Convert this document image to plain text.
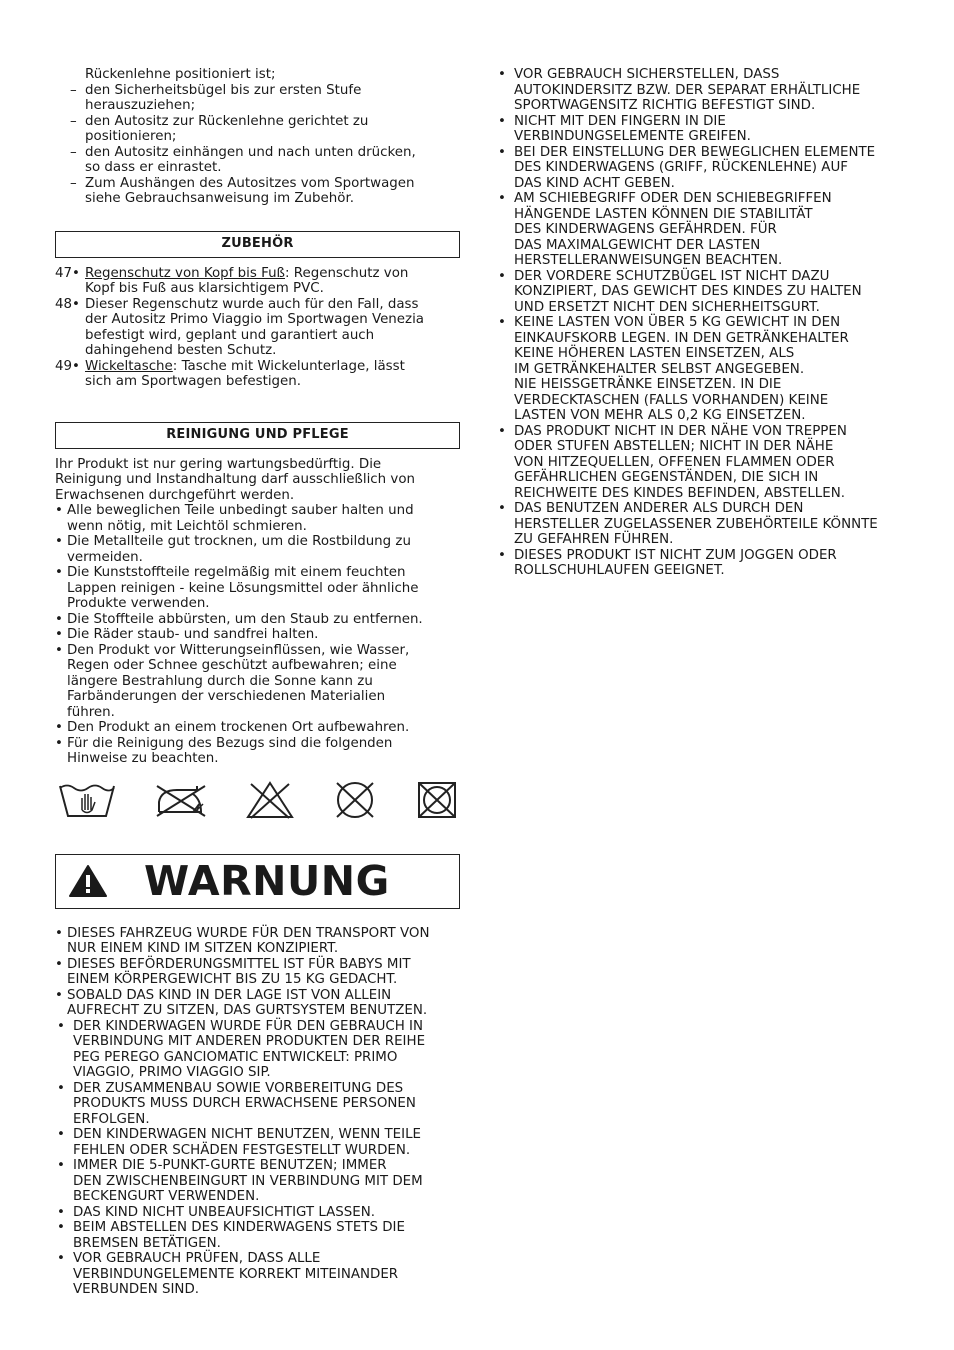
Rückenlehne positioniert ist;
– den Sicherheitsbügel bis zur ersten Stufe
herauszuziehen;
– den Autositz zur Rückenlehne gerichtet zu
positionieren;
– den Autositz einhängen und nach unten drücken,
so dass er einrastet.
– Zum Aushängen des Autositzes vom Sportwagen
siehe Gebrauchsanweisung im Zubehör.
ZUBEHÖR
47• Regenschutz von Kopf bis Fuß: Regenschutz von
Kopf bis Fuß aus klarsichtigem PVC.
48• Dieser Regenschutz wurde auch für den Fall, dass
der Autositz Primo Viaggio im Sportwagen Venezia
befestigt wird, geplant und garantiert auch
dahingehend besten Schutz.
49• Wickeltasche: Tasche mit Wickelunterlage, lässt
sich am Sportwagen befestigen.
REINIGUNG UND PFLEGE
Ihr Produkt ist nur gering wartungsbedürftig. Die
Reinigung und Instandhaltung darf ausschließlich von
Erwachsenen durchgeführt werden.
• Alle beweglichen Teile unbedingt sauber halten und
wenn nötig, mit Leichtöl schmieren.
• Die Metallteile gut trocknen, um die Rostbildung zu
vermeiden.
• Die Kunststoffteile regelmäßig mit einem feuchten
Lappen reinigen - keine Lösungsmittel oder ähnliche
Produkte verwenden.
• Die Stoffteile abbürsten, um den Staub zu entfernen.
• Die Räder staub- und sandfrei halten.
• Den Produkt vor Witterungseinflüssen, wie Wasser,
Regen oder Schnee geschützt aufbewahren; eine
längere Bestrahlung durch die Sonne kann zu
Farbänderungen der verschiedenen Materialien
führen.
• Den Produkt an einem trockenen Ort aufbewahren.
• Für die Reinigung des Bezugs sind die folgenden
Hinweise zu beachten.
WARNUNG
• DIESES FAHRZEUG WURDE FÜR DEN TRANSPORT VON
NUR EINEM KIND IM SITZEN KONZIPIERT.
• DIESES BEFÖRDERUNGSMITTEL IST FÜR BABYS MIT
EINEM KÖRPERGEWICHT BIS ZU 15 KG GEDACHT.
• SOBALD DAS KIND IN DER LAGE IST VON ALLEIN
AUFRECHT ZU SITZEN, DAS GURTSYSTEM BENUTZEN.
• DER KINDERWAGEN WURDE FÜR DEN GEBRAUCH IN
VERBINDUNG MIT ANDEREN PRODUKTEN DER REIHE
PEG PEREGO GANCIOMATIC ENTWICKELT: PRIMO
VIAGGIO, PRIMO VIAGGIO SIP.
• DER ZUSAMMENBAU SOWIE VORBEREITUNG DES
PRODUKTS MUSS DURCH ERWACHSENE PERSONEN
ERFOLGEN.
• DEN KINDERWAGEN NICHT BENUTZEN, WENN TEILE
FEHLEN ODER SCHÄDEN FESTGESTELLT WURDEN.
• IMMER DIE 5-PUNKT-GURTE BENUTZEN; IMMER
DEN ZWISCHENBEINGURT IN VERBINDUNG MIT DEM
BECKENGURT VERWENDEN.
• DAS KIND NICHT UNBEAUFSICHTIGT LASSEN.
• BEIM ABSTELLEN DES KINDERWAGENS STETS DIE
BREMSEN BETÄTIGEN.
• VOR GEBRAUCH PRÜFEN, DASS ALLE
VERBINDUNGELEMENTE KORREKT MITEINANDER
VERBUNDEN SIND.
• VOR GEBRAUCH SICHERSTELLEN, DASS
AUTOKINDERSITZ BZW. DER SEPARAT ERHÄLTLICHE
SPORTWAGENSITZ RICHTIG BEFESTIGT SIND.
• NICHT MIT DEN FINGERN IN DIE
VERBINDUNGSELEMENTE GREIFEN.
• BEI DER EINSTELLUNG DER BEWEGLICHEN ELEMENTE
DES KINDERWAGENS (GRIFF, RÜCKENLEHNE) AUF
DAS KIND ACHT GEBEN.
• AM SCHIEBEGRIFF ODER DEN SCHIEBEGRIFFEN
HÄNGENDE LASTEN KÖNNEN DIE STABILITÄT
DES KINDERWAGENS GEFÄHRDEN. FÜR
DAS MAXIMALGEWICHT DER LASTEN
HERSTELLERANWEISUNGEN BEACHTEN.
• DER VORDERE SCHUTZBÜGEL IST NICHT DAZU
KONZIPIERT, DAS GEWICHT DES KINDES ZU HALTEN
UND ERSETZT NICHT DEN SICHERHEITSGURT.
• KEINE LASTEN VON ÜBER 5 KG GEWICHT IN DEN
EINKAUFSKORB LEGEN. IN DEN GETRÄNKEHALTER
KEINE HÖHEREN LASTEN EINSETZEN, ALS
IM GETRÄNKEHALTER SELBST ANGEGEBEN.
NIE HEISSGETRÄNKE EINSETZEN. IN DIE
VERDECKTASCHEN (FALLS VORHANDEN) KEINE
LASTEN VON MEHR ALS 0,2 KG EINSETZEN.
• DAS PRODUKT NICHT IN DER NÄHE VON TREPPEN
ODER STUFEN ABSTELLEN; NICHT IN DER NÄHE
VON HITZEQUELLEN, OFFENEN FLAMMEN ODER
GEFÄHRLICHEN GEGENSTÄNDEN, DIE SICH IN
REICHWEITE DES KINDES BEFINDEN, ABSTELLEN.
• DAS BENUTZEN ANDERER ALS DURCH DEN
HERSTELLER ZUGELASSENER ZUBEHÖRTEILE KÖNNTE
ZU GEFAHREN FÜHREN.
• DIESES PRODUKT IST NICHT ZUM JOGGEN ODER
ROLLSCHUHLAUFEN GEEIGNET.
